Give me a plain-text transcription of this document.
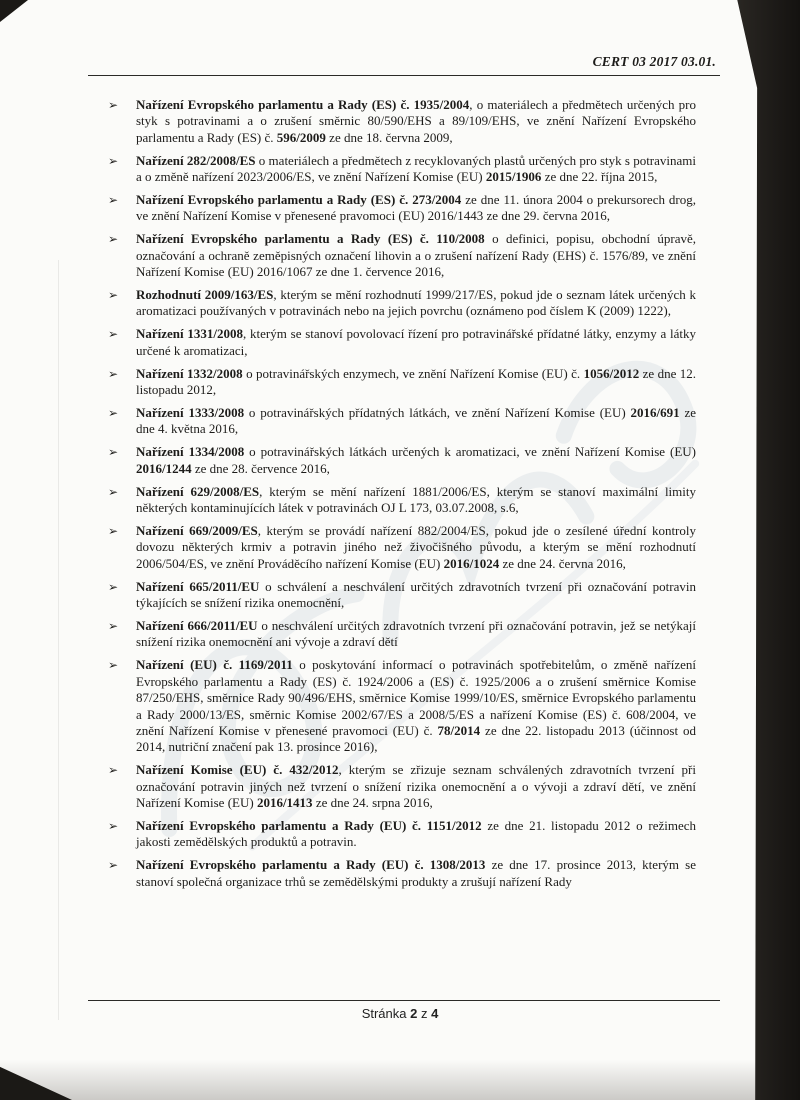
CERT 03 2017 03.01.
➢ Nařízení Evropského parlamentu a Rady (ES) č. 1935/2004, o materiálech a předmětech určených pro styk s potravinami a o zrušení směrnic 80/590/EHS a 89/109/EHS, ve znění Nařízení Evropského parlamentu a Rady (ES) č. 596/2009 ze dne 18. června 2009,
➢ Nařízení 282/2008/ES o materiálech a předmětech z recyklovaných plastů určených pro styk s potravinami a o změně nařízení 2023/2006/ES, ve znění Nařízení Komise (EU) 2015/1906 ze dne 22. října 2015,
➢ Nařízení Evropského parlamentu a Rady (ES) č. 273/2004 ze dne 11. února 2004 o prekursorech drog, ve znění Nařízení Komise v přenesené pravomoci (EU) 2016/1443 ze dne 29. června 2016,
➢ Nařízení Evropského parlamentu a Rady (ES) č. 110/2008 o definici, popisu, obchodní úpravě, označování a ochraně zeměpisných označení lihovin a o zrušení nařízení Rady (EHS) č. 1576/89, ve znění Nařízení Komise (EU) 2016/1067 ze dne 1. července 2016,
➢ Rozhodnutí 2009/163/ES, kterým se mění rozhodnutí 1999/217/ES, pokud jde o seznam látek určených k aromatizaci používaných v potravinách nebo na jejich povrchu (oznámeno pod číslem K (2009) 1222),
➢ Nařízení 1331/2008, kterým se stanoví povolovací řízení pro potravinářské přídatné látky, enzymy a látky určené k aromatizaci,
➢ Nařízení 1332/2008 o potravinářských enzymech, ve znění Nařízení Komise (EU) č. 1056/2012 ze dne 12. listopadu 2012,
➢ Nařízení 1333/2008 o potravinářských přídatných látkách, ve znění Nařízení Komise (EU) 2016/691 ze dne 4. května 2016,
➢ Nařízení 1334/2008 o potravinářských látkách určených k aromatizaci, ve znění Nařízení Komise (EU) 2016/1244 ze dne 28. července 2016,
➢ Nařízení 629/2008/ES, kterým se mění nařízení 1881/2006/ES, kterým se stanoví maximální limity některých kontaminujících látek v potravinách OJ L 173, 03.07.2008, s.6,
➢ Nařízení 669/2009/ES, kterým se provádí nařízení 882/2004/ES, pokud jde o zesílené úřední kontroly dovozu některých krmiv a potravin jiného než živočišného původu, a kterým se mění rozhodnutí 2006/504/ES, ve znění Prováděcího nařízení Komise (EU) 2016/1024 ze dne 24. června 2016,
➢ Nařízení 665/2011/EU o schválení a neschválení určitých zdravotních tvrzení při označování potravin týkajících se snížení rizika onemocnění,
➢ Nařízení 666/2011/EU o neschválení určitých zdravotních tvrzení při označování potravin, jež se netýkají snížení rizika onemocnění ani vývoje a zdraví dětí
➢ Nařízení (EU) č. 1169/2011 o poskytování informací o potravinách spotřebitelům, o změně nařízení Evropského parlamentu a Rady (ES) č. 1924/2006 a (ES) č. 1925/2006 a o zrušení směrnice Komise 87/250/EHS, směrnice Rady 90/496/EHS, směrnice Komise 1999/10/ES, směrnice Evropského parlamentu a Rady 2000/13/ES, směrnic Komise 2002/67/ES a 2008/5/ES a nařízení Komise (ES) č. 608/2004, ve znění Nařízení Komise v přenesené pravomoci (EU) č. 78/2014 ze dne 22. listopadu 2013 (účinnost od 2014, nutriční značení pak 13. prosince 2016),
➢ Nařízení Komise (EU) č. 432/2012, kterým se zřizuje seznam schválených zdravotních tvrzení při označování potravin jiných než tvrzení o snížení rizika onemocnění a o vývoji a zdraví dětí, ve znění Nařízení Komise (EU) 2016/1413 ze dne 24. srpna 2016,
➢ Nařízení Evropského parlamentu a Rady (EU) č. 1151/2012 ze dne 21. listopadu 2012 o režimech jakosti zemědělských produktů a potravin.
➢ Nařízení Evropského parlamentu a Rady (EU) č. 1308/2013 ze dne 17. prosince 2013, kterým se stanoví společná organizace trhů se zemědělskými produkty a zrušují nařízení Rady
Stránka 2 z 4
